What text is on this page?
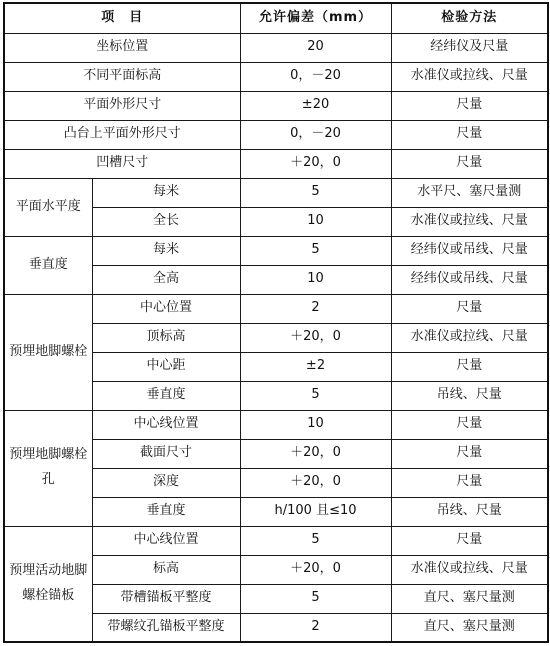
项　目		允许偏差（mm）	检验方法
坐标位置		20	经纬仪及尺量
不同平面标高		0，－20	水准仪或拉线、尺量
平面外形尺寸		±20	尺量
凸台上平面外形尺寸		0，－20	尺量
凹槽尺寸		＋20，0	尺量
平面水平度	每米	5	水平尺、塞尺量测
	全长	10	水准仪或拉线、尺量
垂直度	每米	5	经纬仪或吊线、尺量
	全高	10	经纬仪或吊线、尺量
预埋地脚螺栓	中心位置	2	尺量
	顶标高	＋20，0	水准仪或拉线、尺量
	中心距	±2	尺量
	垂直度	5	吊线、尺量
预埋地脚螺栓孔	中心线位置	10	尺量
	截面尺寸	＋20，0	尺量
	深度	＋20，0	尺量
	垂直度	h/100 且≤10	吊线、尺量
预埋活动地脚螺栓锚板	中心线位置	5	尺量
	标高	＋20，0	水准仪或拉线、尺量
	带槽锚板平整度	5	直尺、塞尺量测
	带螺纹孔锚板平整度	2	直尺、塞尺量测
